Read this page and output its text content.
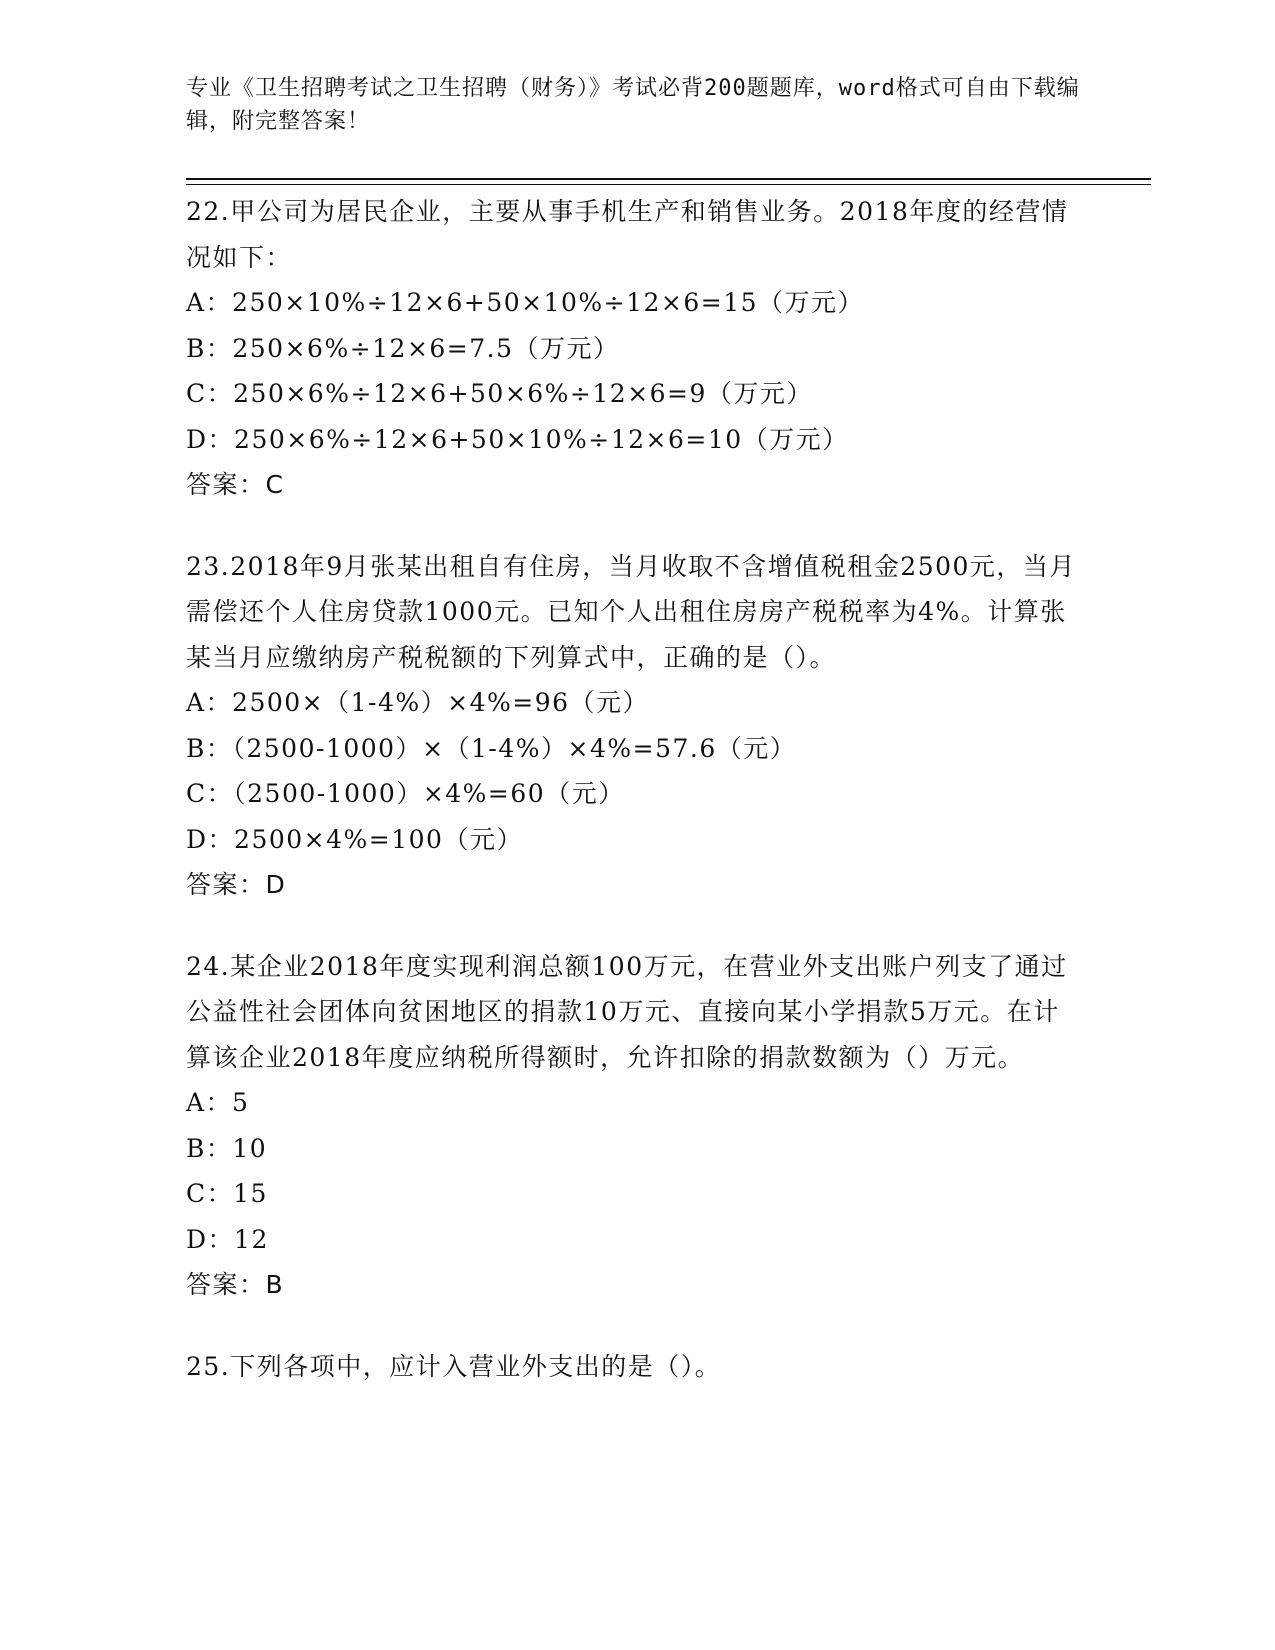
专业《卫生招聘考试之卫生招聘（财务）》考试必背200题题库，word格式可自由下载编辑，附完整答案！
22.甲公司为居民企业，主要从事手机生产和销售业务。2018年度的经营情况如下：
A：250×10%÷12×6+50×10%÷12×6=15（万元）
B：250×6%÷12×6=7.5（万元）
C：250×6%÷12×6+50×6%÷12×6=9（万元）
D：250×6%÷12×6+50×10%÷12×6=10（万元）
答案：C
23.2018年9月张某出租自有住房，当月收取不含增值税租金2500元，当月需偿还个人住房贷款1000元。已知个人出租住房房产税税率为4%。计算张某当月应缴纳房产税税额的下列算式中，正确的是（）。
A：2500×（1-4%）×4%=96（元）
B：（2500-1000）×（1-4%）×4%=57.6（元）
C：（2500-1000）×4%=60（元）
D：2500×4%=100（元）
答案：D
24.某企业2018年度实现利润总额100万元，在营业外支出账户列支了通过公益性社会团体向贫困地区的捐款10万元、直接向某小学捐款5万元。在计算该企业2018年度应纳税所得额时，允许扣除的捐款数额为（）万元。
A：5
B：10
C：15
D：12
答案：B
25.下列各项中，应计入营业外支出的是（）。
